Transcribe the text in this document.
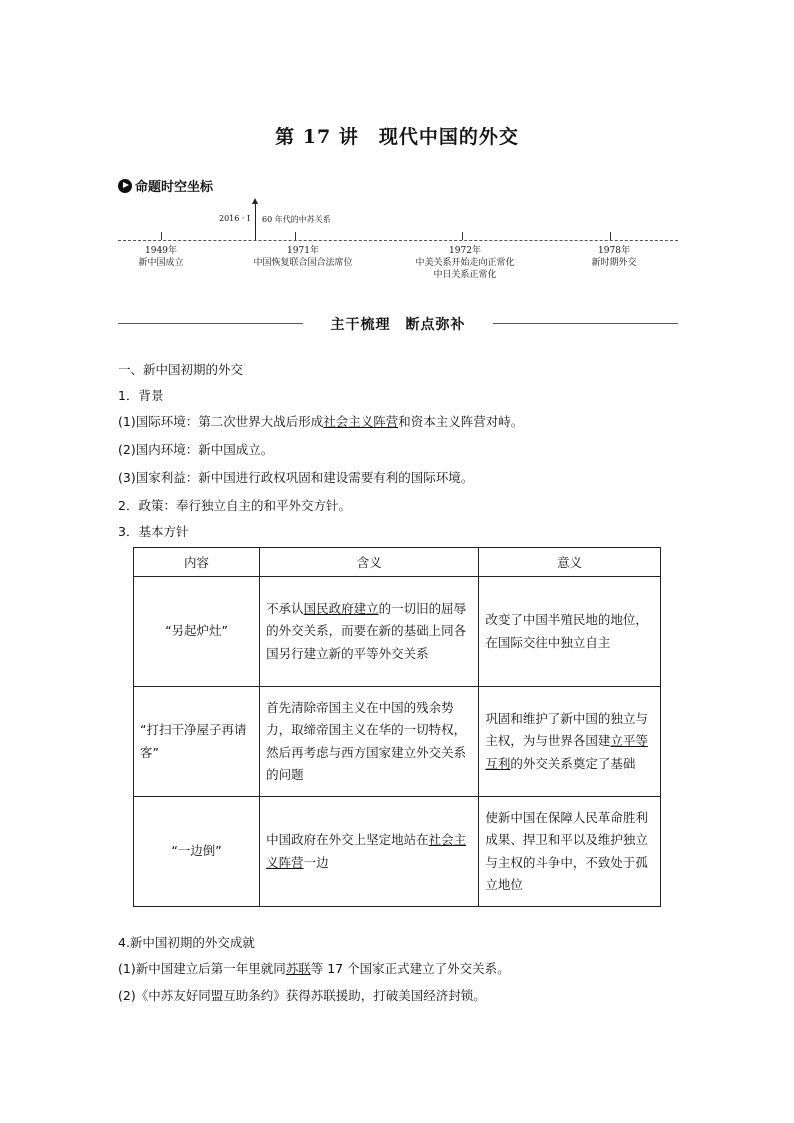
第 17 讲　现代中国的外交
命题时空坐标
2016 · Ⅰ 60 年代的中苏关系
1949年
新中国成立
1971年
中国恢复联合国合法席位
1972年
中美关系开始走向正常化
中日关系正常化
1978年
新时期外交
主干梳理　断点弥补
一、新中国初期的外交
1．背景
(1)国际环境：第二次世界大战后形成社会主义阵营和资本主义阵营对峙。
(2)国内环境：新中国成立。
(3)国家利益：新中国进行政权巩固和建设需要有利的国际环境。
2．政策：奉行独立自主的和平外交方针。
3．基本方针
内容	含义	意义
“另起炉灶”	不承认国民政府建立的一切旧的屈辱的外交关系，而要在新的基础上同各国另行建立新的平等外交关系	改变了中国半殖民地的地位，在国际交往中独立自主
“打扫干净屋子再请客”	首先清除帝国主义在中国的残余势力，取缔帝国主义在华的一切特权，然后再考虑与西方国家建立外交关系的问题	巩固和维护了新中国的独立与主权，为与世界各国建立平等互利的外交关系奠定了基础
“一边倒”	中国政府在外交上坚定地站在社会主义阵营一边	使新中国在保障人民革命胜利成果、捍卫和平以及维护独立与主权的斗争中，不致处于孤立地位
4.新中国初期的外交成就
(1)新中国建立后第一年里就同苏联等 17 个国家正式建立了外交关系。
(2)《中苏友好同盟互助条约》获得苏联援助，打破美国经济封锁。
